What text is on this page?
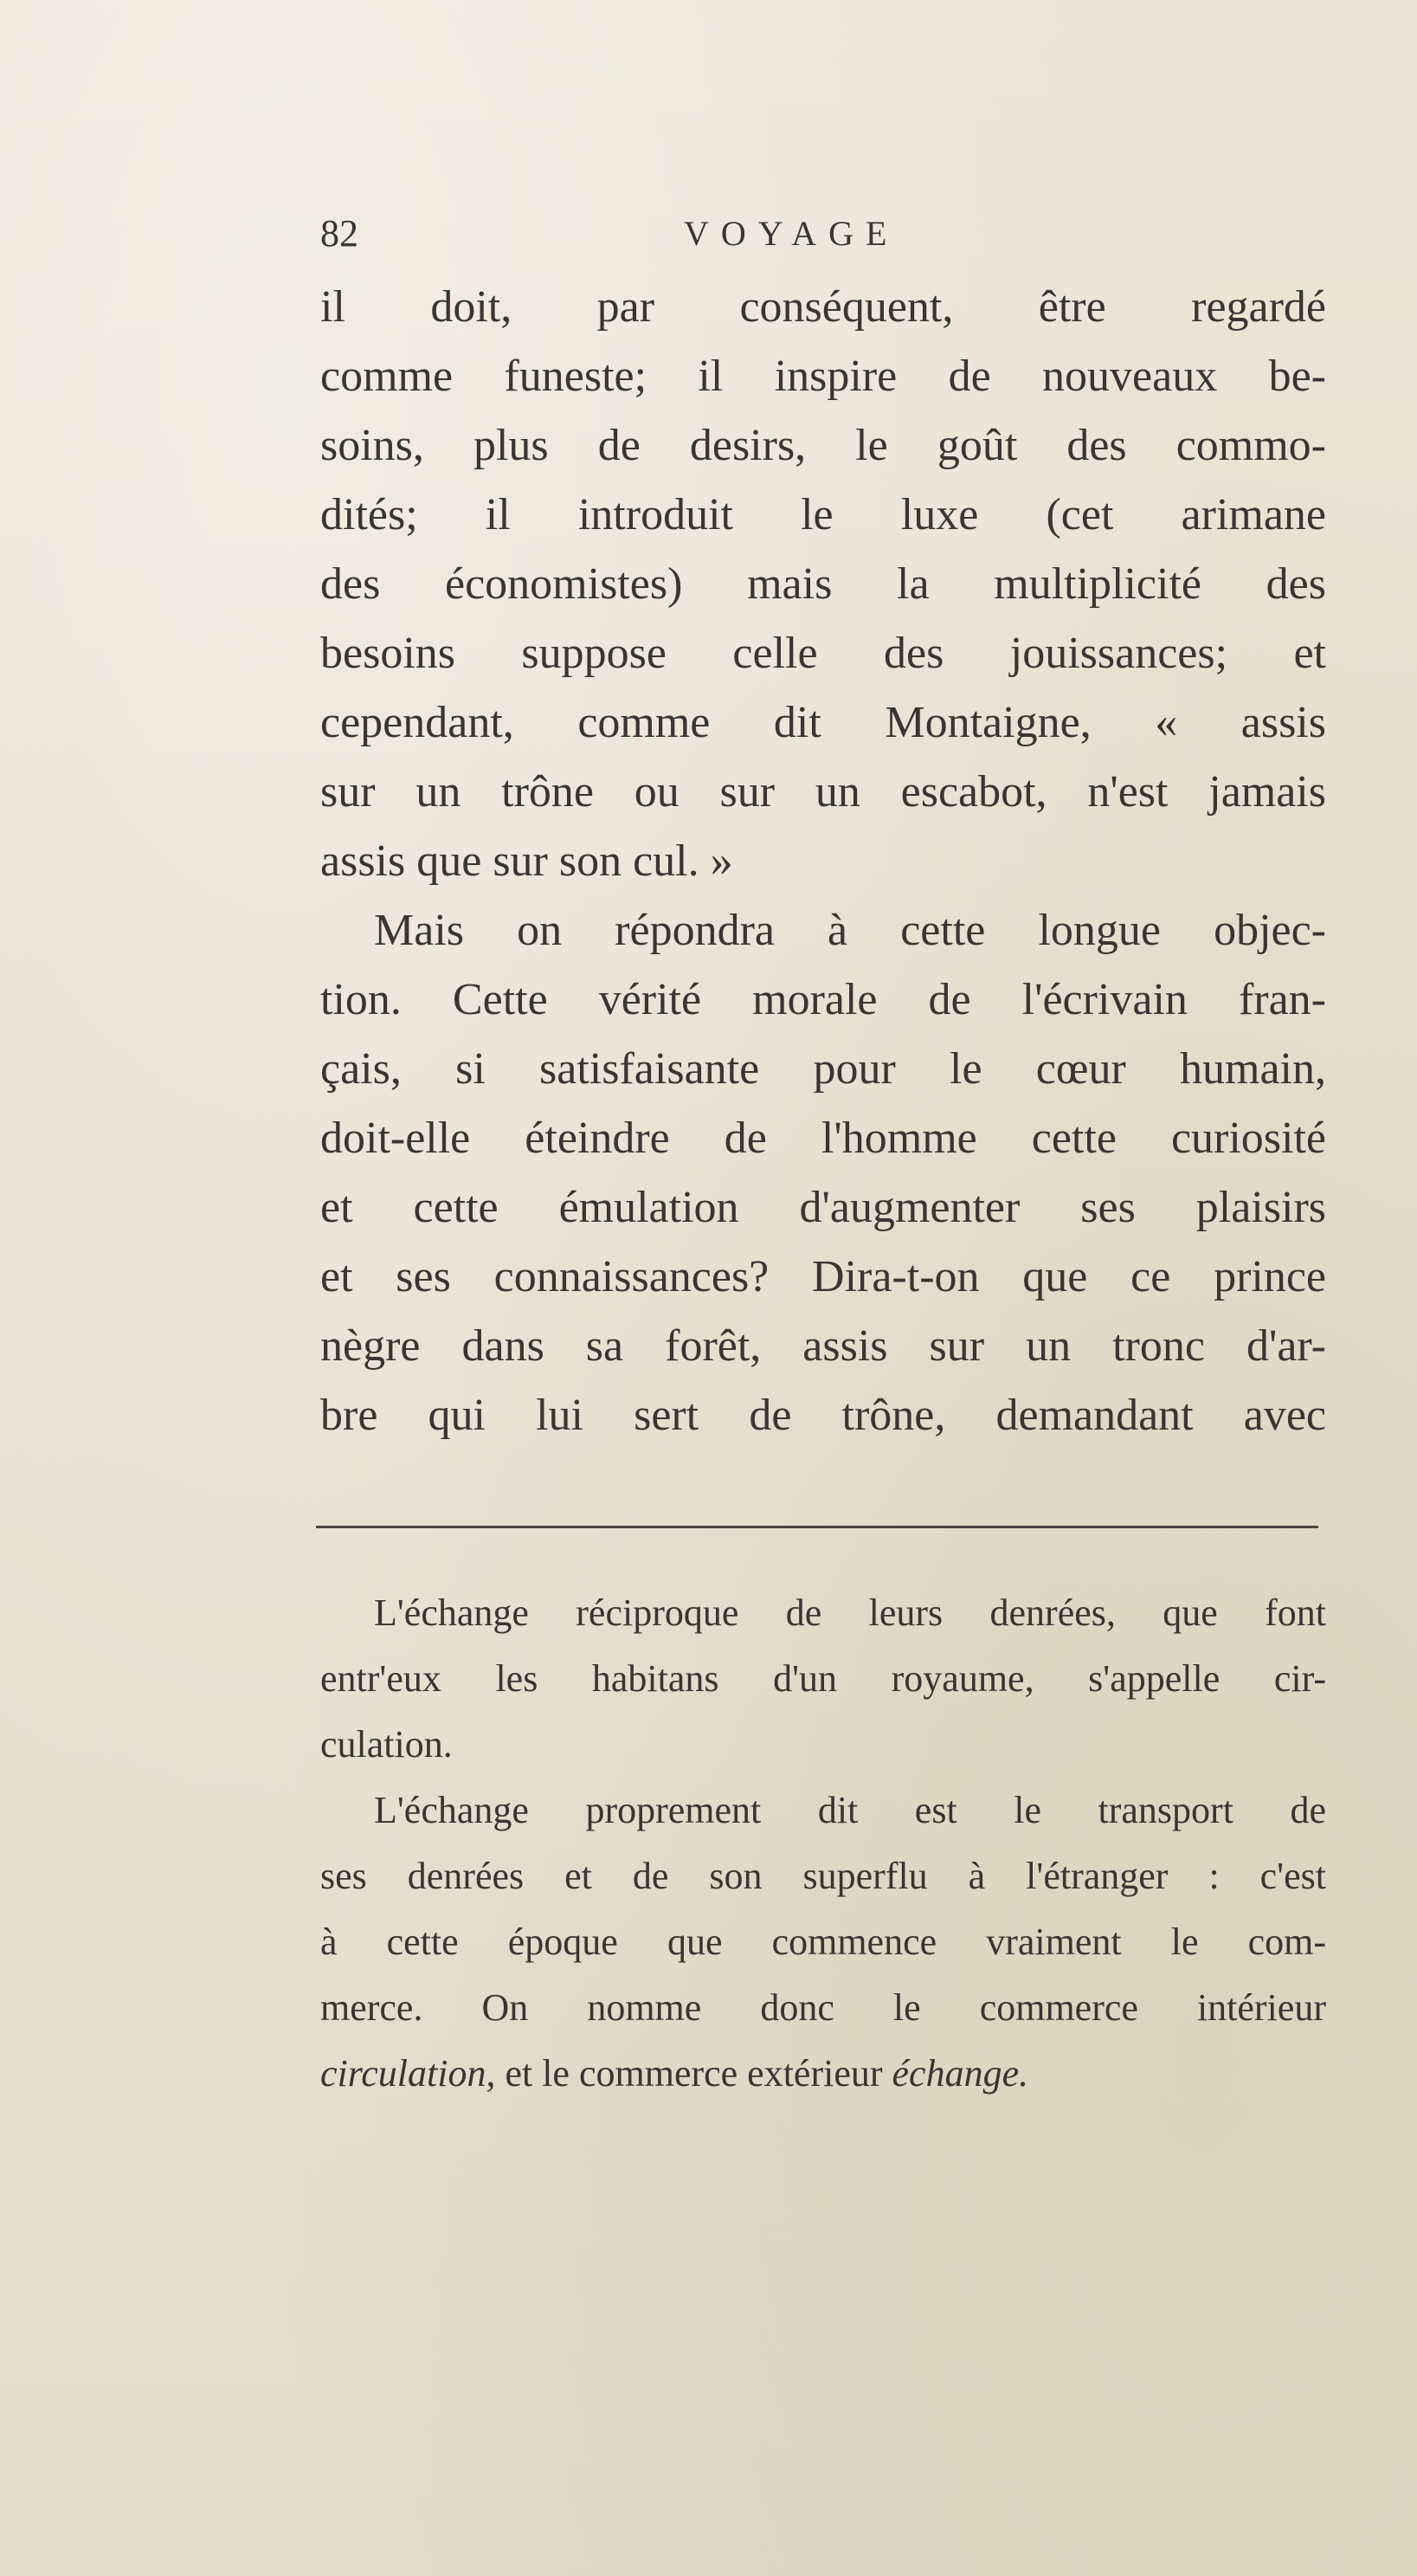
82	VOYAGE
il doit, par conséquent, être regardé
comme funeste; il inspire de nouveaux be-
soins, plus de desirs, le goût des commo-
dités; il introduit le luxe (cet arimane
des économistes) mais la multiplicité des
besoins suppose celle des jouissances; et
cependant, comme dit Montaigne, « assis
sur un trône ou sur un escabot, n'est jamais
assis que sur son cul. »
Mais on répondra à cette longue objec-
tion. Cette vérité morale de l'écrivain fran-
çais, si satisfaisante pour le cœur humain,
doit-elle éteindre de l'homme cette curiosité
et cette émulation d'augmenter ses plaisirs
et ses connaissances? Dira-t-on que ce prince
nègre dans sa forêt, assis sur un tronc d'ar-
bre qui lui sert de trône, demandant avec
L'échange réciproque de leurs denrées, que font
entr'eux les habitans d'un royaume, s'appelle cir-
culation.
L'échange proprement dit est le transport de
ses denrées et de son superflu à l'étranger : c'est
à cette époque que commence vraiment le com-
merce. On nomme donc le commerce intérieur
circulation, et le commerce extérieur échange.
